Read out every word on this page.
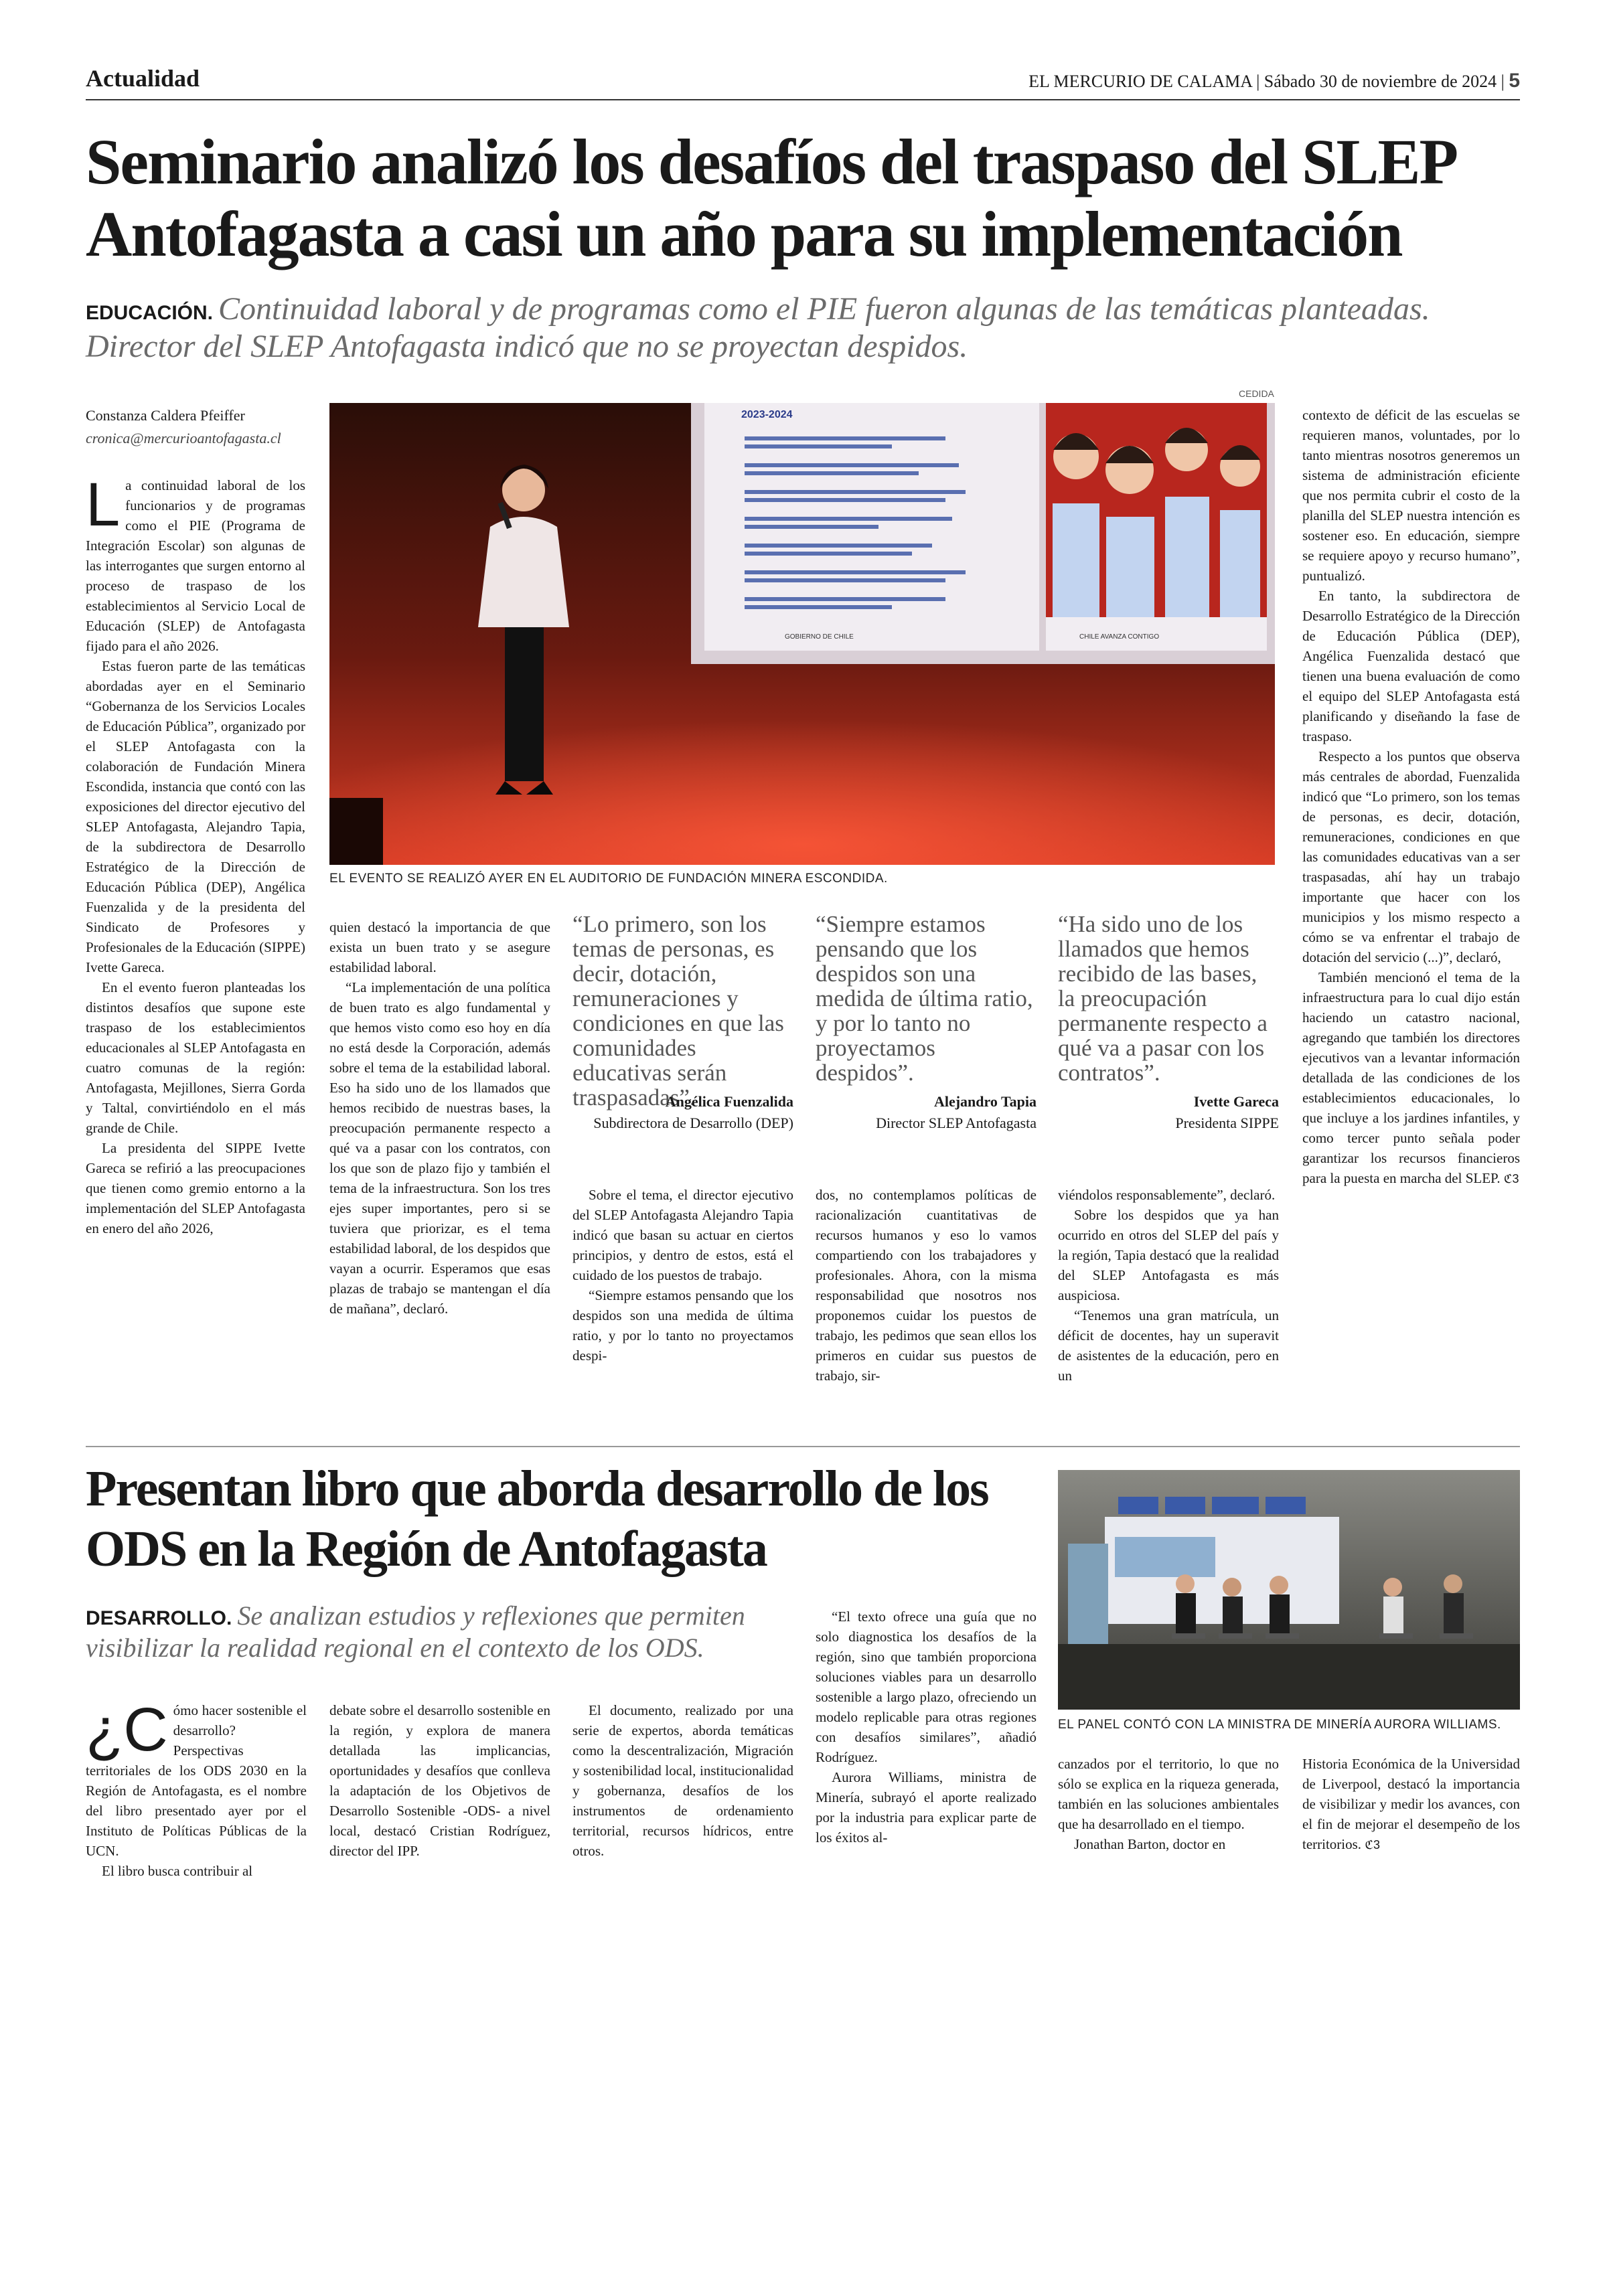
Actualidad	EL MERCURIO DE CALAMA | Sábado 30 de noviembre de 2024 | 5
Seminario analizó los desafíos del traspaso del SLEP Antofagasta a casi un año para su implementación
EDUCACIÓN. Continuidad laboral y de programas como el PIE fueron algunas de las temáticas planteadas. Director del SLEP Antofagasta indicó que no se proyectan despidos.
Constanza Caldera Pfeiffer
cronica@mercurioantofagasta.cl

La continuidad laboral de los funcionarios y de programas como el PIE (Programa de Integración Escolar) son algunas de las interrogantes que surgen entorno al proceso de traspaso de los establecimientos al Servicio Local de Educación (SLEP) de Antofagasta fijado para el año 2026.

Estas fueron parte de las temáticas abordadas ayer en el Seminario “Gobernanza de los Servicios Locales de Educación Pública”, organizado por el SLEP Antofagasta con la colaboración de Fundación Minera Escondida, instancia que contó con las exposiciones del director ejecutivo del SLEP Antofagasta, Alejandro Tapia, de la subdirectora de Desarrollo Estratégico de la Dirección de Educación Pública (DEP), Angélica Fuenzalida y de la presidenta del Sindicato de Profesores y Profesionales de la Educación (SIPPE) Ivette Gareca.

En el evento fueron planteadas los distintos desafíos que supone este traspaso de los establecimientos educacionales al SLEP Antofagasta en cuatro comunas de la región: Antofagasta, Mejillones, Sierra Gorda y Taltal, convirtiéndolo en el más grande de Chile.

La presidenta del SIPPE Ivette Gareca se refirió a las preocupaciones que tienen como gremio entorno a la implementación del SLEP Antofagasta en enero del año 2026,

CEDIDA
2023-2024
GOBIERNO DE CHILE	CHILE AVANZA CONTIGO
EL EVENTO SE REALIZÓ AYER EN EL AUDITORIO DE FUNDACIÓN MINERA ESCONDIDA.

quien destacó la importancia de que exista un buen trato y se asegure estabilidad laboral.

“La implementación de una política de buen trato es algo fundamental y que hemos visto como eso hoy en día no está desde la Corporación, además sobre el tema de la estabilidad laboral. Eso ha sido uno de los llamados que hemos recibido de nuestras bases, la preocupación permanente respecto a qué va a pasar con los contratos, con los que son de plazo fijo y también el tema de la infraestructura. Son los tres ejes super importantes, pero si se tuviera que priorizar, es el tema estabilidad laboral, de los despidos que vayan a ocurrir. Esperamos que esas plazas de trabajo se mantengan el día de mañana”, declaró.

“Lo primero, son los temas de personas, es decir, dotación, remuneraciones y condiciones en que las comunidades educativas serán traspasadas”.
Angélica Fuenzalida
Subdirectora de Desarrollo (DEP)
“Siempre estamos pensando que los despidos son una medida de última ratio, y por lo tanto no proyectamos despidos”.
Alejandro Tapia
Director SLEP Antofagasta
“Ha sido uno de los llamados que hemos recibido de las bases, la preocupación permanente respecto a qué va a pasar con los contratos”.
Ivette Gareca
Presidenta SIPPE

Sobre el tema, el director ejecutivo del SLEP Antofagasta Alejandro Tapia indicó que basan su actuar en ciertos principios, y dentro de estos, está el cuidado de los puestos de trabajo.

“Siempre estamos pensando que los despidos son una medida de última ratio, y por lo tanto no proyectamos despi-

dos, no contemplamos políticas de racionalización cuantitativas de recursos humanos y eso lo vamos compartiendo con los trabajadores y profesionales. Ahora, con la misma responsabilidad que nosotros nos proponemos cuidar los puestos de trabajo, les pedimos que sean ellos los primeros en cuidar sus puestos de trabajo, sir-

viéndolos responsablemente”, declaró.

Sobre los despidos que ya han ocurrido en otros del SLEP del país y la región, Tapia destacó que la realidad del SLEP Antofagasta es más auspiciosa.

“Tenemos una gran matrícula, un déficit de docentes, hay un superavit de asistentes de la educación, pero en un

contexto de déficit de las escuelas se requieren manos, voluntades, por lo tanto mientras nosotros generemos un sistema de administración eficiente que nos permita cubrir el costo de la planilla del SLEP nuestra intención es sostener eso. En educación, siempre se requiere apoyo y recurso humano”, puntualizó.

En tanto, la subdirectora de Desarrollo Estratégico de la Dirección de Educación Pública (DEP), Angélica Fuenzalida destacó que tienen una buena evaluación de como el equipo del SLEP Antofagasta está planificando y diseñando la fase de traspaso.

Respecto a los puntos que observa más centrales de abordad, Fuenzalida indicó que “Lo primero, son los temas de personas, es decir, dotación, remuneraciones, condiciones en que las comunidades educativas van a ser traspasadas, ahí hay un trabajo importante que hacer con los municipios y los mismo respecto a cómo se va enfrentar el trabajo de dotación del servicio (...)”, declaró,

También mencionó el tema de la infraestructura para lo cual dijo están haciendo un catastro nacional, agregando que también los directores ejecutivos van a levantar información detallada de las condiciones de los establecimientos educacionales, lo que incluye a los jardines infantiles, y como tercer punto señala poder garantizar los recursos financieros para la puesta en marcha del SLEP. ℭ3

Presentan libro que aborda desarrollo de los ODS en la Región de Antofagasta
DESARROLLO. Se analizan estudios y reflexiones que permiten visibilizar la realidad regional en el contexto de los ODS.
EL PANEL CONTÓ CON LA MINISTRA DE MINERÍA AURORA WILLIAMS.

¿C ómo hacer sostenible el desarrollo? Perspectivas territoriales de los ODS 2030 en la Región de Antofagasta, es el nombre del libro presentado ayer por el Instituto de Políticas Públicas de la UCN.

El libro busca contribuir al

debate sobre el desarrollo sostenible en la región, y explora de manera detallada las implicancias, oportunidades y desafíos que conlleva la adaptación de los Objetivos de Desarrollo Sostenible -ODS- a nivel local, destacó Cristian Rodríguez, director del IPP.

El documento, realizado por una serie de expertos, aborda temáticas como la descentralización, Migración y sostenibilidad local, institucionalidad y gobernanza, desafíos de los instrumentos de ordenamiento territorial, recursos hídricos, entre otros.

“El texto ofrece una guía que no solo diagnostica los desafíos de la región, sino que también proporciona soluciones viables para un desarrollo sostenible a largo plazo, ofreciendo un modelo replicable para otras regiones con desafíos similares”, añadió Rodríguez.

Aurora Williams, ministra de Minería, subrayó el aporte realizado por la industria para explicar parte de los éxitos al-

canzados por el territorio, lo que no sólo se explica en la riqueza generada, también en las soluciones ambientales que ha desarrollado en el tiempo.

Jonathan Barton, doctor en

Historia Económica de la Universidad de Liverpool, destacó la importancia de visibilizar y medir los avances, con el fin de mejorar el desempeño de los territorios. ℭ3
